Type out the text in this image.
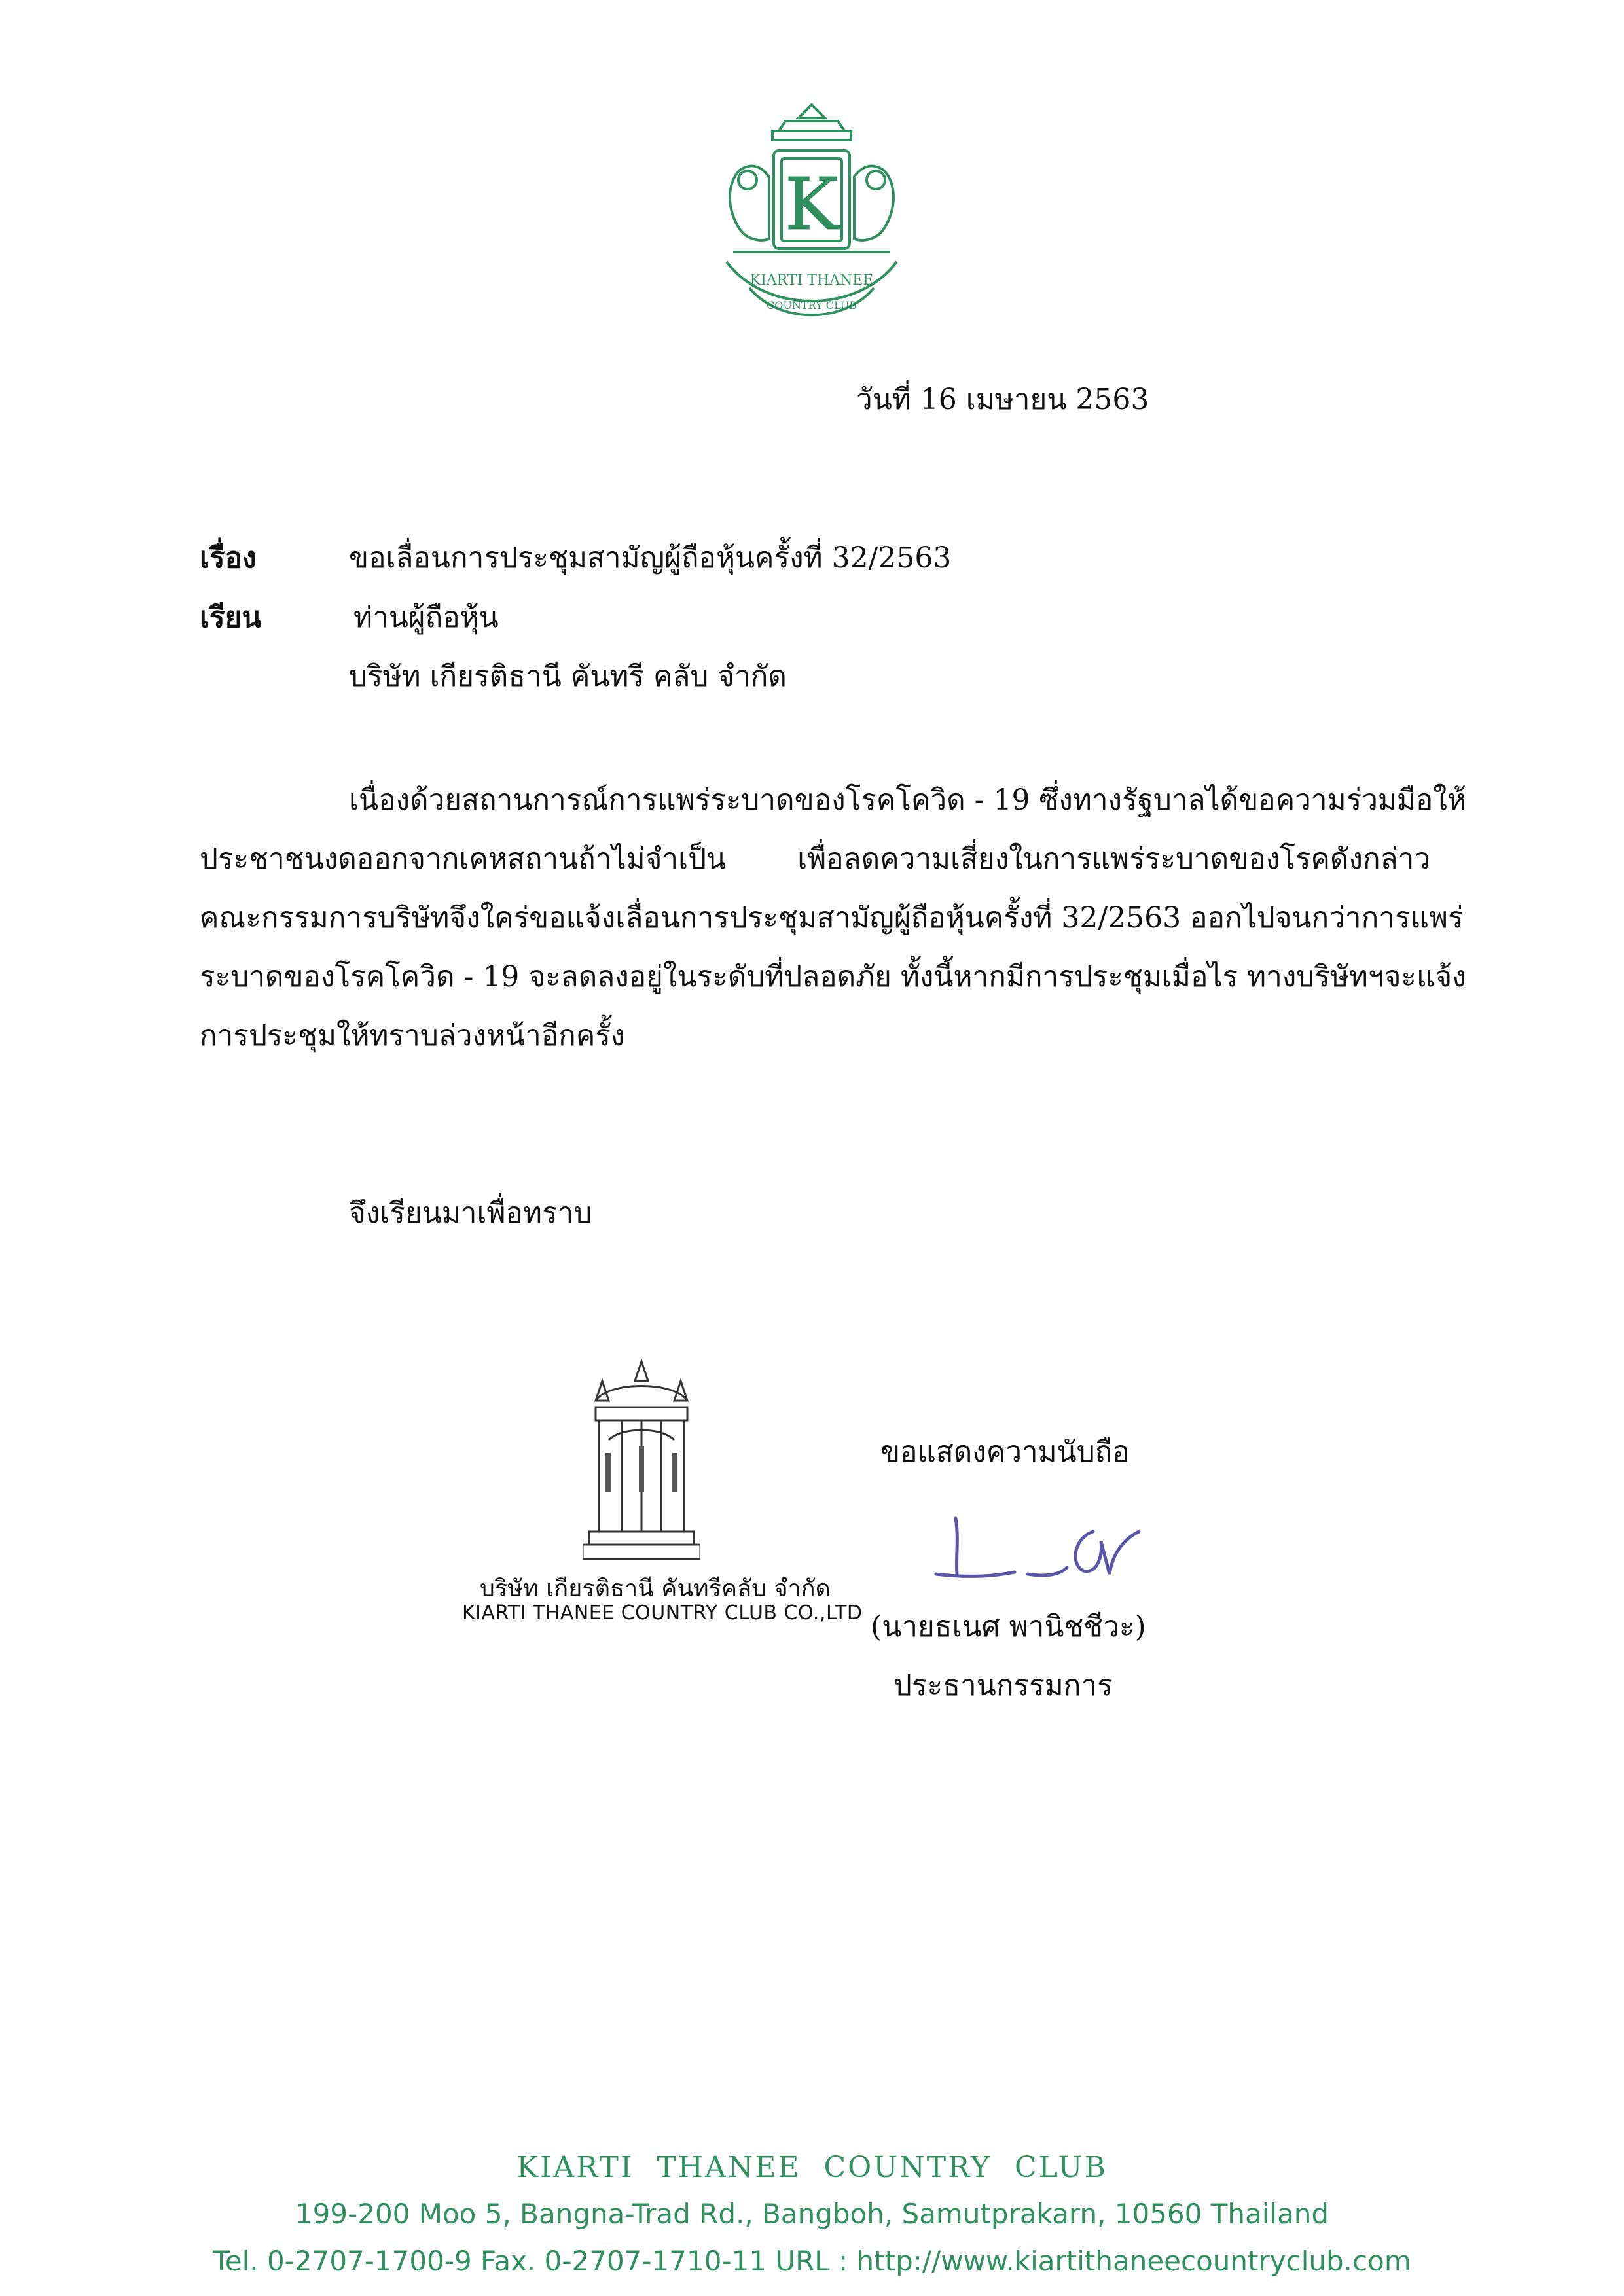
K
KIARTI THANEE
COUNTRY CLUB
วันที่ 16 เมษายน 2563
เรื่อง	ขอเลื่อนการประชุมสามัญผู้ถือหุ้นครั้งที่ 32/2563
เรียน	ท่านผู้ถือหุ้น
บริษัท เกียรติธานี คันทรี คลับ จำกัด
เนื่องด้วยสถานการณ์การแพร่ระบาดของโรคโควิด - 19 ซึ่งทางรัฐบาลได้ขอความร่วมมือให้
ประชาชนงดออกจากเคหสถานถ้าไม่จำเป็น เพื่อลดความเสี่ยงในการแพร่ระบาดของโรคดังกล่าว
คณะกรรมการบริษัทจึงใคร่ขอแจ้งเลื่อนการประชุมสามัญผู้ถือหุ้นครั้งที่ 32/2563 ออกไปจนกว่าการแพร่
ระบาดของโรคโควิด - 19 จะลดลงอยู่ในระดับที่ปลอดภัย ทั้งนี้หากมีการประชุมเมื่อไร ทางบริษัทฯจะแจ้ง
การประชุมให้ทราบล่วงหน้าอีกครั้ง
จึงเรียนมาเพื่อทราบ
ขอแสดงความนับถือ
บริษัท เกียรติธานี คันทรีคลับ จำกัด
KIARTI THANEE COUNTRY CLUB CO.,LTD (นายธเนศ พานิชชีวะ)
ประธานกรรมการ
KIARTI THANEE COUNTRY CLUB
199-200 Moo 5, Bangna-Trad Rd., Bangboh, Samutprakarn, 10560 Thailand
Tel. 0-2707-1700-9 Fax. 0-2707-1710-11 URL : http://www.kiartithaneecountryclub.com
